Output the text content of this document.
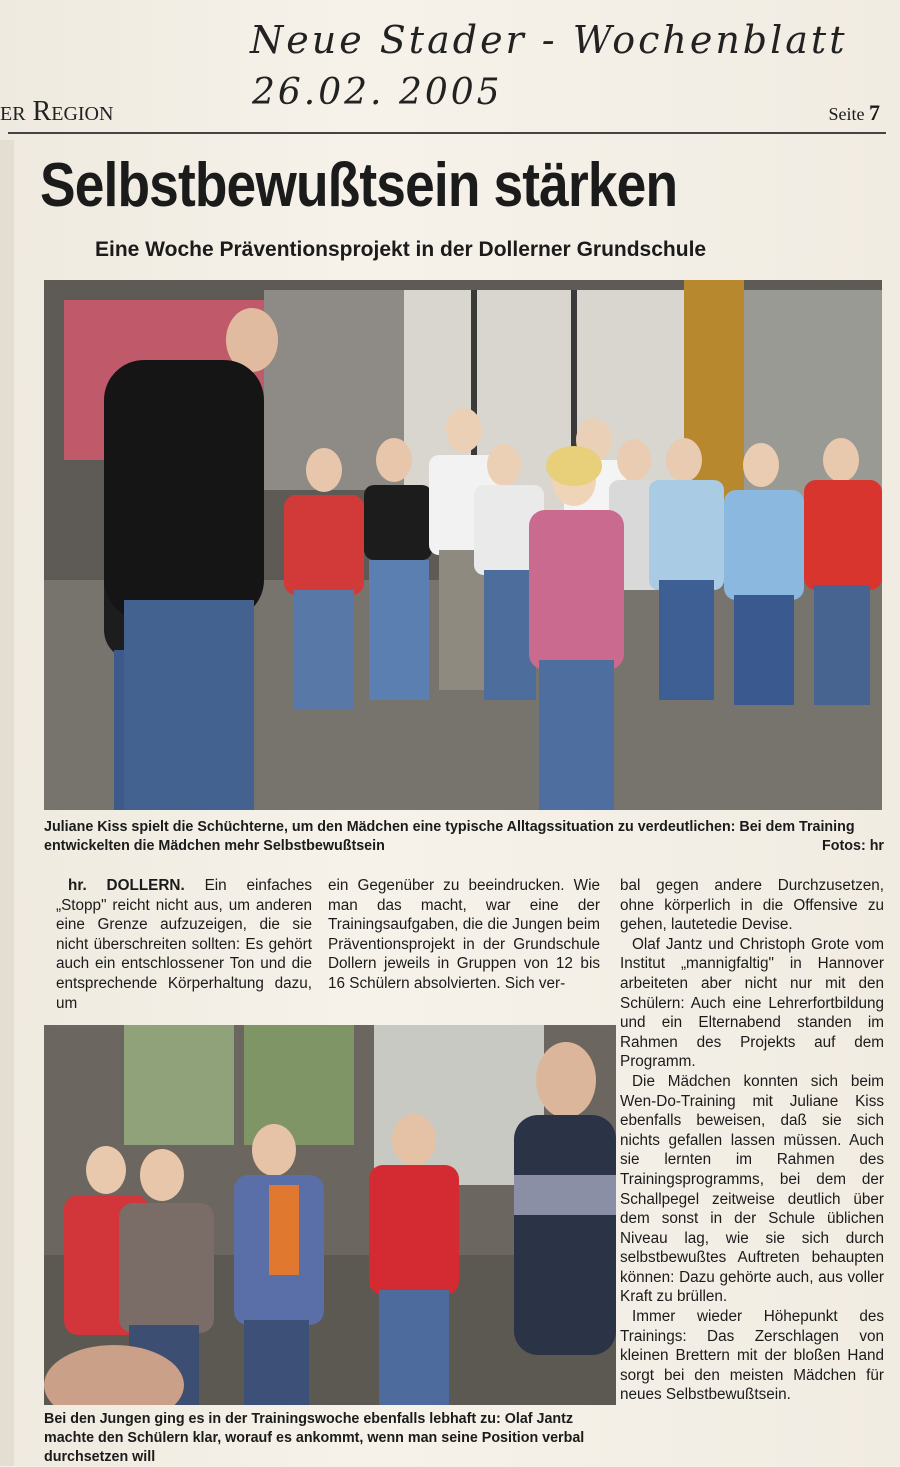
Neue Stader - Wochenblatt
26.02. 2005
er Region	Seite 7
Selbstbewußtsein stärken
Eine Woche Präventionsprojekt in der Dollerner Grundschule
Juliane Kiss spielt die Schüchterne, um den Mädchen eine typische Alltagssituation zu verdeutlichen: Bei dem Training entwickelten die Mädchen mehr Selbstbewußtsein	Fotos: hr

hr. DOLLERN. Ein einfaches „Stopp" reicht nicht aus, um anderen eine Grenze aufzuzeigen, die sie nicht überschreiten sollten: Es gehört auch ein entschlossener Ton und die entsprechende Körperhaltung dazu, um

ein Gegenüber zu beeindrucken. Wie man das macht, war eine der Trainingsaufgaben, die die Jungen beim Präventionsprojekt in der Grundschule Dollern jeweils in Gruppen von 12 bis 16 Schülern absolvierten. Sich ver-

bal gegen andere Durchzusetzen, ohne körperlich in die Offensive zu gehen, lautetedie Devise.

Olaf Jantz und Christoph Grote vom Institut „mannigfaltig" in Hannover arbeiteten aber nicht nur mit den Schülern: Auch eine Lehrerfortbildung und ein Elternabend standen im Rahmen des Projekts auf dem Programm.

Die Mädchen konnten sich beim Wen-Do-Training mit Juliane Kiss ebenfalls beweisen, daß sie sich nichts gefallen lassen müssen. Auch sie lernten im Rahmen des Trainingsprogramms, bei dem der Schallpegel zeitweise deutlich über dem sonst in der Schule üblichen Niveau lag, wie sie sich durch selbstbewußtes Auftreten behaupten können: Dazu gehörte auch, aus voller Kraft zu brüllen.

Immer wieder Höhepunkt des Trainings: Das Zerschlagen von kleinen Brettern mit der bloßen Hand sorgt bei den meisten Mädchen für neues Selbstbewußtsein.

Bei den Jungen ging es in der Trainingswoche ebenfalls lebhaft zu: Olaf Jantz machte den Schülern klar, worauf es ankommt, wenn man seine Position verbal durchsetzen will
